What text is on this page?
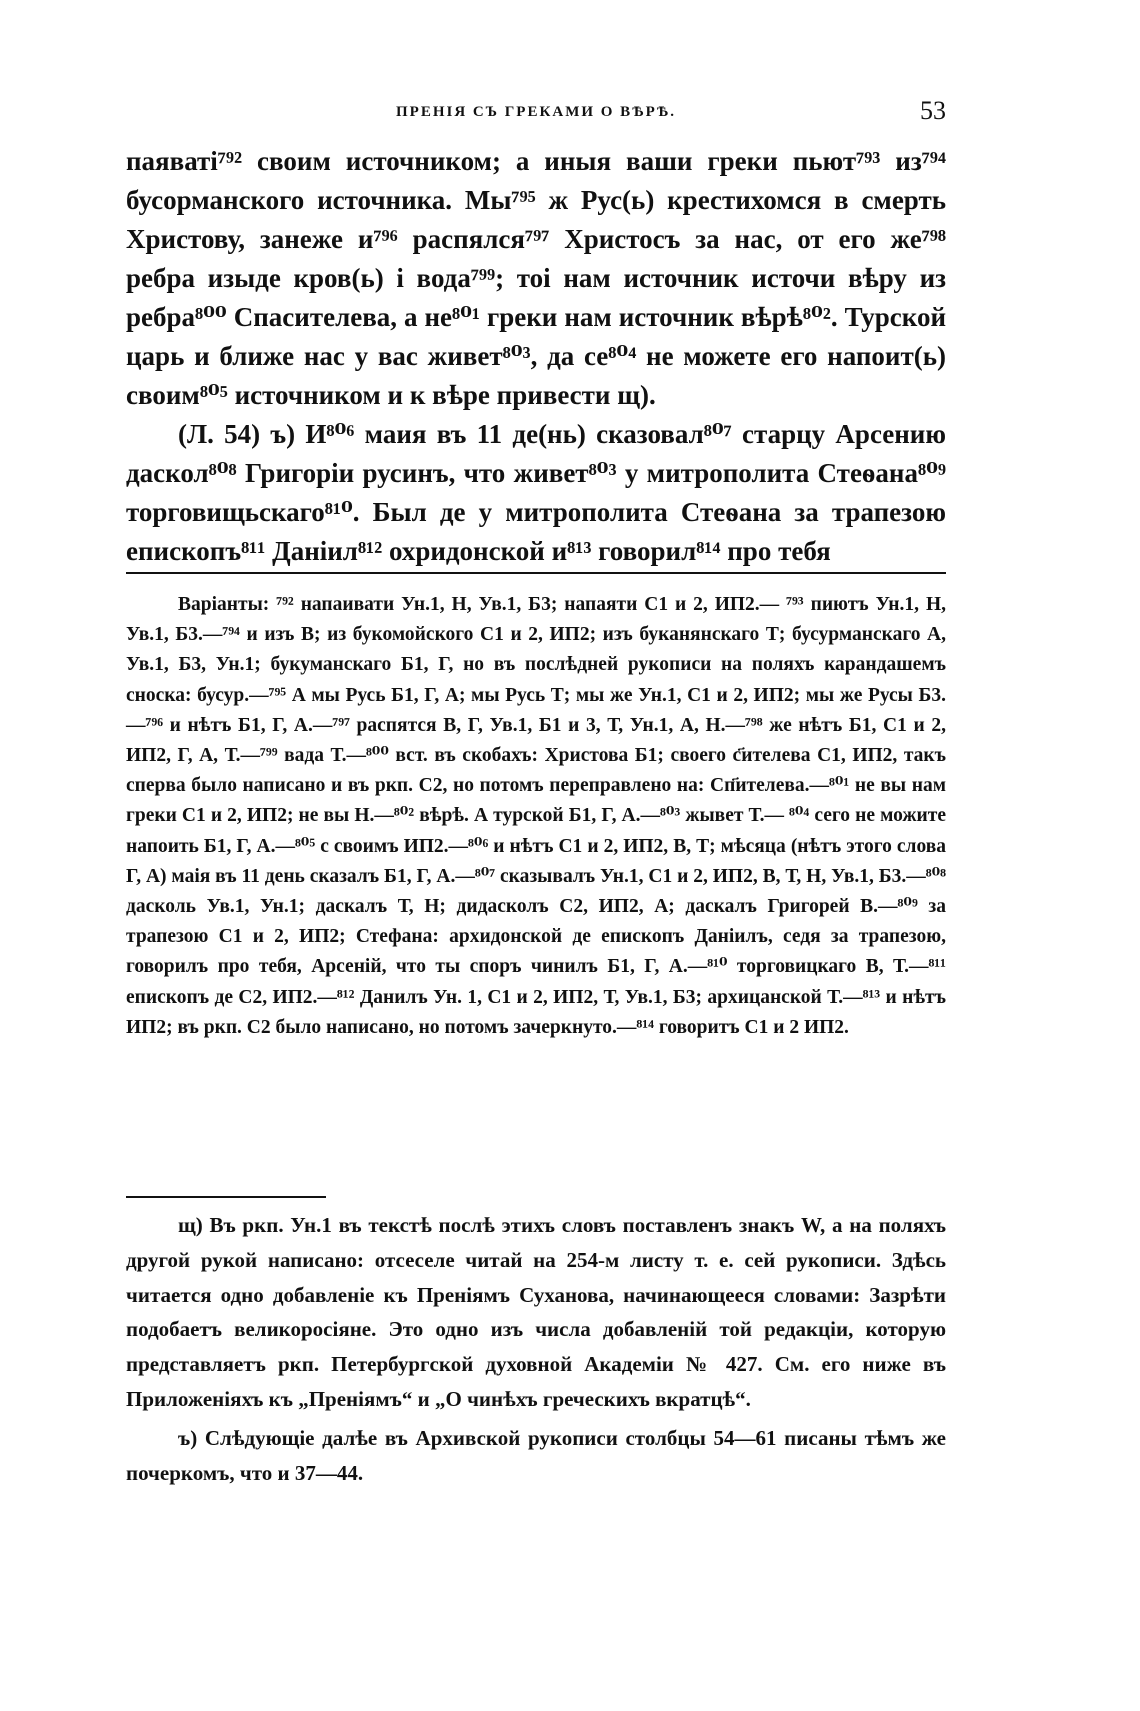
ПРЕНІЯ СЪ ГРЕКАМИ О ВѢРѢ.	53

паяватi⁷⁹² своим источником; а иныя ваши греки пьют⁷⁹³ из⁷⁹⁴ бусорманского источника. Мы⁷⁹⁵ ж Рус(ь) крестихомся в смерть Христову, занеже и⁷⁹⁶ распялся⁷⁹⁷ Христосъ за нас, от его же⁷⁹⁸ ребра изыде кров(ь) і вода⁷⁹⁹; тоі нам источник источи вѣру из ребра⁸⁰⁰ Спасителева, а не⁸⁰¹ греки нам источник вѣрѣ⁸⁰². Турской царь и ближе нас у вас живет⁸⁰³, да се⁸⁰⁴ не можете его напоит(ь) своим⁸⁰⁵ источником и к вѣре привести щ).

(Л. 54) ъ) И⁸⁰⁶ маия въ 11 де(нь) сказовал⁸⁰⁷ старцу Арсению даскол⁸⁰⁸ Григоріи русинъ, что живет⁸⁰³ у митрополита Стеѳана⁸⁰⁹ торговищьскаго⁸¹⁰. Был де у митрополита Стеѳана за трапезою епископъ⁸¹¹ Даніил⁸¹² охридонской и⁸¹³ говорил⁸¹⁴ про тебя

Варіанты: ⁷⁹² напаивати Ун.1, Н, Ув.1, Б3; напаяти С1 и 2, ИП2.— ⁷⁹³ пиютъ Ун.1, Н, Ув.1, Б3.—⁷⁹⁴ и изъ В; из букомойского С1 и 2, ИП2; изъ буканянскаго Т; бусурманскаго А, Ув.1, Б3, Ун.1; букуманскаго Б1, Г, но въ послѣдней рукописи на поляхъ карандашемъ сноска: бусур.—⁷⁹⁵ А мы Русь Б1, Г, А; мы Русь Т; мы же Ун.1, С1 и 2, ИП2; мы же Русы Б3.—⁷⁹⁶ и нѣтъ Б1, Г, А.—⁷⁹⁷ распятся В, Г, Ув.1, Б1 и 3, Т, Ун.1, А, Н.—⁷⁹⁸ же нѣтъ Б1, С1 и 2, ИП2, Г, А, Т.—⁷⁹⁹ вада Т.—⁸⁰⁰ вст. въ скобахъ: Христова Б1; своего с҃ителева С1, ИП2, такъ сперва было написано и въ ркп. С2, но потомъ переправлено на: Сп҃ителева.—⁸⁰¹ не вы нам греки С1 и 2, ИП2; не вы Н.—⁸⁰² вѣрѣ. А турской Б1, Г, А.—⁸⁰³ жывет Т.— ⁸⁰⁴ сего не можите напоить Б1, Г, А.—⁸⁰⁵ с своимъ ИП2.—⁸⁰⁶ и нѣтъ С1 и 2, ИП2, В, Т; мѣсяца (нѣтъ этого слова Г, А) маія въ 11 день сказалъ Б1, Г, А.—⁸⁰⁷ сказывалъ Ун.1, С1 и 2, ИП2, В, Т, Н, Ув.1, Б3.—⁸⁰⁸ дасколь Ув.1, Ун.1; даскалъ Т, Н; дидасколъ С2, ИП2, А; даскалъ Григорей В.—⁸⁰⁹ за трапезою С1 и 2, ИП2; Стефана: архидонской де епископъ Даніилъ, седя за трапезою, говорилъ про тебя, Арсеній, что ты споръ чинилъ Б1, Г, А.—⁸¹⁰ торговицкаго В, Т.—⁸¹¹ епископъ де С2, ИП2.—⁸¹² Данилъ Ун. 1, С1 и 2, ИП2, Т, Ув.1, Б3; архицанской Т.—⁸¹³ и нѣтъ ИП2; въ ркп. С2 было написано, но потомъ зачеркнуто.—⁸¹⁴ говоритъ С1 и 2 ИП2.

щ) Въ ркп. Ун.1 въ текстѣ послѣ этихъ словъ поставленъ знакъ W, а на поляхъ другой рукой написано: отсеселе читай на 254-м листу т. е. сей рукописи. Здѣсь читается одно добавленіе къ Преніямъ Суханова, начинающееся словами: Зазрѣти подобаетъ великоросіяне. Это одно изъ числа добавленій той редакціи, которую представляетъ ркп. Петербургской духовной Академіи № 427. См. его ниже въ Приложеніяхъ къ „Преніямъ“ и „О чинѣхъ греческихъ вкратцѣ“.

ъ) Слѣдующіе далѣе въ Архивской рукописи столбцы 54—61 писаны тѣмъ же почеркомъ, что и 37—44.
